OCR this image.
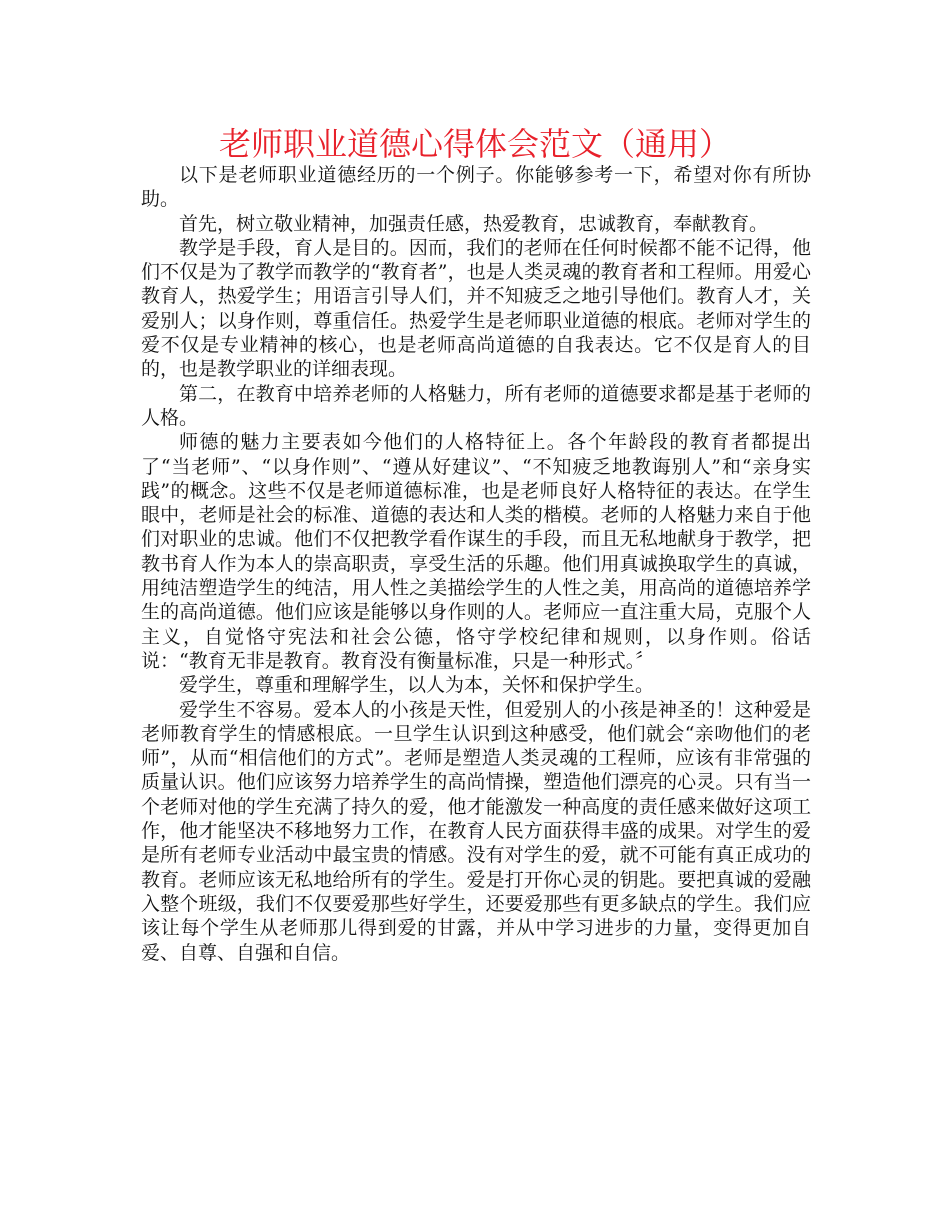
老师职业道德心得体会范文（通用）

以下是老师职业道德经历的一个例子。你能够参考一下，希望对你有所协助。

首先，树立敬业精神，加强责任感，热爱教育，忠诚教育，奉献教育。

教学是手段，育人是目的。因而，我们的老师在任何时候都不能不记得，他们不仅是为了教学而教学的“教育者”，也是人类灵魂的教育者和工程师。用爱心教育人，热爱学生；用语言引导人们，并不知疲乏之地引导他们。教育人才，关爱别人；以身作则，尊重信任。热爱学生是老师职业道德的根底。老师对学生的爱不仅是专业精神的核心，也是老师高尚道德的自我表达。它不仅是育人的目的，也是教学职业的详细表现。

第二，在教育中培养老师的人格魅力，所有老师的道德要求都是基于老师的人格。

师德的魅力主要表如今他们的人格特征上。各个年龄段的教育者都提出了“当老师”、“以身作则”、“遵从好建议”、“不知疲乏地教诲别人”和“亲身实践”的概念。这些不仅是老师道德标准，也是老师良好人格特征的表达。在学生眼中，老师是社会的标准、道德的表达和人类的楷模。老师的人格魅力来自于他们对职业的忠诚。他们不仅把教学看作谋生的手段，而且无私地献身于教学，把教书育人作为本人的崇高职责，享受生活的乐趣。他们用真诚换取学生的真诚，用纯洁塑造学生的纯洁，用人性之美描绘学生的人性之美，用高尚的道德培养学生的高尚道德。他们应该是能够以身作则的人。老师应一直注重大局，克服个人主义，自觉恪守宪法和社会公德，恪守学校纪律和规则，以身作则。俗话说：“教育无非是教育。教育没有衡量标准，只是一种形式。〞

爱学生，尊重和理解学生，以人为本，关怀和保护学生。

爱学生不容易。爱本人的小孩是天性，但爱别人的小孩是神圣的！这种爱是老师教育学生的情感根底。一旦学生认识到这种感受，他们就会“亲吻他们的老师”，从而“相信他们的方式”。老师是塑造人类灵魂的工程师，应该有非常强的质量认识。他们应该努力培养学生的高尚情操，塑造他们漂亮的心灵。只有当一个老师对他的学生充满了持久的爱，他才能激发一种高度的责任感来做好这项工作，他才能坚决不移地努力工作，在教育人民方面获得丰盛的成果。对学生的爱是所有老师专业活动中最宝贵的情感。没有对学生的爱，就不可能有真正成功的教育。老师应该无私地给所有的学生。爱是打开你心灵的钥匙。要把真诚的爱融入整个班级，我们不仅要爱那些好学生，还要爱那些有更多缺点的学生。我们应该让每个学生从老师那儿得到爱的甘露，并从中学习进步的力量，变得更加自爱、自尊、自强和自信。
